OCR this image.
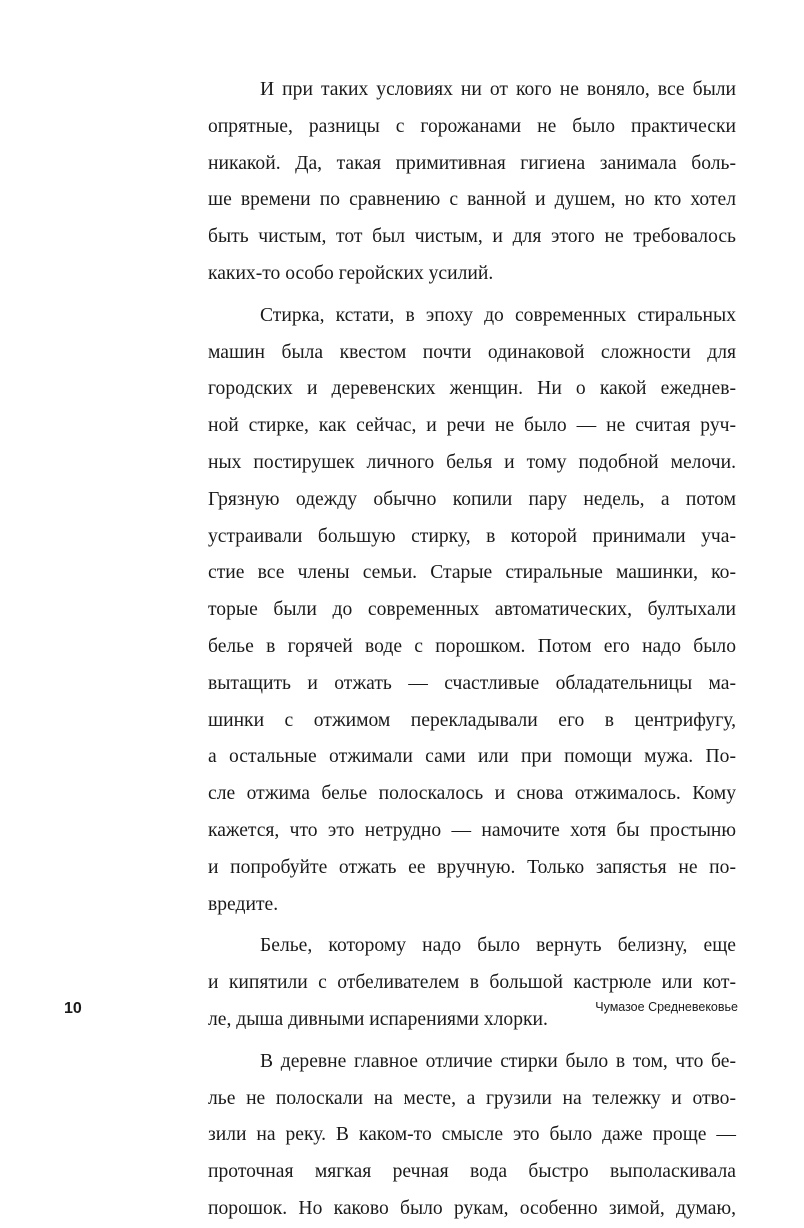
И при таких условиях ни от кого не воняло, все были
опрятные, разницы с горожанами не было практически
никакой. Да, такая примитивная гигиена занимала боль-
ше времени по сравнению с ванной и душем, но кто хотел
быть чистым, тот был чистым, и для этого не требовалось
каких-то особо геройских усилий.
Стирка, кстати, в эпоху до современных стиральных
машин была квестом почти одинаковой сложности для
городских и деревенских женщин. Ни о какой ежеднев-
ной стирке, как сейчас, и речи не было — не считая руч-
ных постирушек личного белья и тому подобной мелочи.
Грязную одежду обычно копили пару недель, а потом
устраивали большую стирку, в которой принимали уча-
стие все члены семьи. Старые стиральные машинки, ко-
торые были до современных автоматических, бултыхали
белье в горячей воде с порошком. Потом его надо было
вытащить и отжать — счастливые обладательницы ма-
шинки с отжимом перекладывали его в центрифугу,
а остальные отжимали сами или при помощи мужа. По-
сле отжима белье полоскалось и снова отжималось. Кому
кажется, что это нетрудно — намочите хотя бы простыню
и попробуйте отжать ее вручную. Только запястья не по-
вредите.
Белье, которому надо было вернуть белизну, еще
и кипятили с отбеливателем в большой кастрюле или кот-
ле, дыша дивными испарениями хлорки.
В деревне главное отличие стирки было в том, что бе-
лье не полоскали на месте, а грузили на тележку и отво-
зили на реку. В каком-то смысле это было даже проще —
проточная мягкая речная вода быстро выполаскивала
порошок. Но каково было рукам, особенно зимой, думаю,
10	Чумазое Средневековье
